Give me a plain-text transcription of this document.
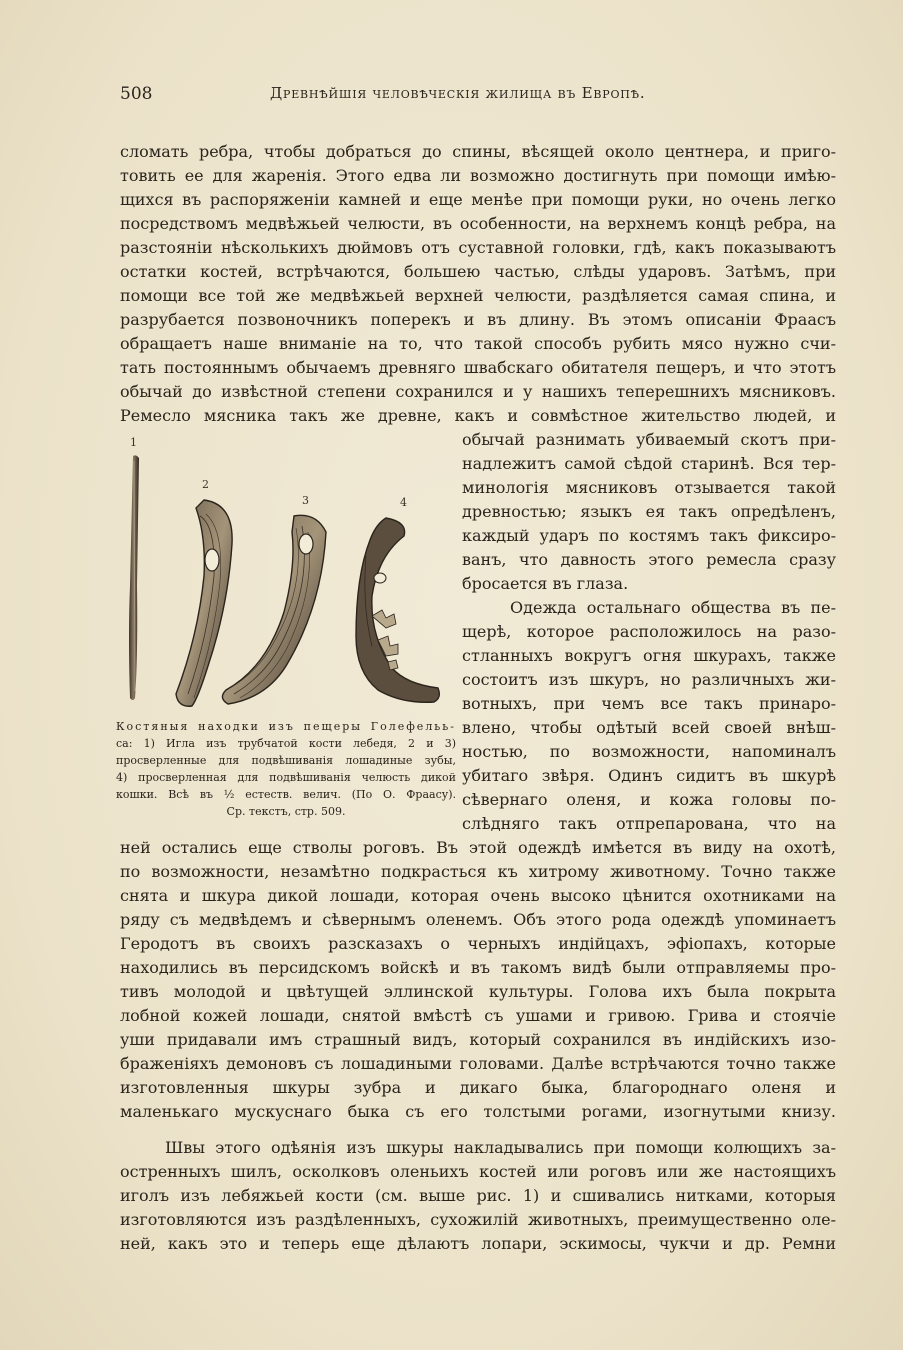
508	Древнѣйшія человѣческія жилища въ Европѣ.
сломать ребра, чтобы добраться до спины, вѣсящей около центнера, и приго-
товить ее для жаренія. Этого едва ли возможно достигнуть при помощи имѣю-
щихся въ распоряженіи камней и еще менѣе при помощи руки, но очень легко
посредствомъ медвѣжьей челюсти, въ особенности, на верхнемъ концѣ ребра, на
разстояніи нѣсколькихъ дюймовъ отъ суставной головки, гдѣ, какъ показываютъ
остатки костей, встрѣчаются, большею частью, слѣды ударовъ. Затѣмъ, при
помощи все той же медвѣжьей верхней челюсти, раздѣляется самая спина, и
разрубается позвоночникъ поперекъ и въ длину. Въ этомъ описаніи Фраасъ
обращаетъ наше вниманіе на то, что такой способъ рубить мясо нужно счи-
тать постояннымъ обычаемъ древняго швабскаго обитателя пещеръ, и что этотъ
обычай до извѣстной степени сохранился и у нашихъ теперешнихъ мясниковъ.
Ремесло мясника такъ же древне, какъ и совмѣстное жительство людей, и
обычай разнимать убиваемый скотъ при-
надлежитъ самой сѣдой старинѣ. Вся тер-
минологія мясниковъ отзывается такой
древностью; языкъ ея такъ опредѣленъ,
каждый ударъ по костямъ такъ фиксиро-
ванъ, что давность этого ремесла сразу
бросается въ глаза.
Одежда остальнаго общества въ пе-
щерѣ, которое расположилось на разо-
стланныхъ вокругъ огня шкурахъ, также
состоитъ изъ шкуръ, но различныхъ жи-
вотныхъ, при чемъ все такъ принаро-
влено, чтобы одѣтый всей своей внѣш-
ностью, по возможности, напоминалъ
убитаго звѣря. Одинъ сидитъ въ шкурѣ
сѣвернаго оленя, и кожа головы по-
слѣдняго такъ отпрепарована, что на
1
2
3	4
Костяныя находки изъ пещеры Голефельь-
са: 1) Игла изъ трубчатой кости лебедя, 2 и 3)
просверленные для подвѣшиванія лошадиные зубы,
4) просверленная для подвѣшиванія челюсть дикой
кошки. Всѣ въ ½ естеств. велич. (По О. Фраасу).
Ср. текстъ, стр. 509.
ней остались еще стволы роговъ. Въ этой одеждѣ имѣется въ виду на охотѣ,
по возможности, незамѣтно подкрасться къ хитрому животному. Точно также
снята и шкура дикой лошади, которая очень высоко цѣнится охотниками на
ряду съ медвѣдемъ и сѣвернымъ оленемъ. Объ этого рода одеждѣ упоминаетъ
Геродотъ въ своихъ разсказахъ о черныхъ индійцахъ, эфіопахъ, которые
находились въ персидскомъ войскѣ и въ такомъ видѣ были отправляемы про-
тивъ молодой и цвѣтущей эллинской культуры. Голова ихъ была покрыта
лобной кожей лошади, снятой вмѣстѣ съ ушами и гривою. Грива и стоячіе
уши придавали имъ страшный видъ, который сохранился въ индійскихъ изо-
браженіяхъ демоновъ съ лошадиными головами. Далѣе встрѣчаются точно также
изготовленныя шкуры зубра и дикаго быка, благороднаго оленя и
маленькаго мускуснаго быка съ его толстыми рогами, изогнутыми книзу.
Швы этого одѣянія изъ шкуры накладывались при помощи колющихъ за-
остренныхъ шилъ, осколковъ оленьихъ костей или роговъ или же настоящихъ
иголъ изъ лебяжьей кости (см. выше рис. 1) и сшивались нитками, которыя
изготовляются изъ раздѣленныхъ, сухожилій животныхъ, преимущественно оле-
ней, какъ это и теперь еще дѣлаютъ лопари, эскимосы, чукчи и др. Ремни
